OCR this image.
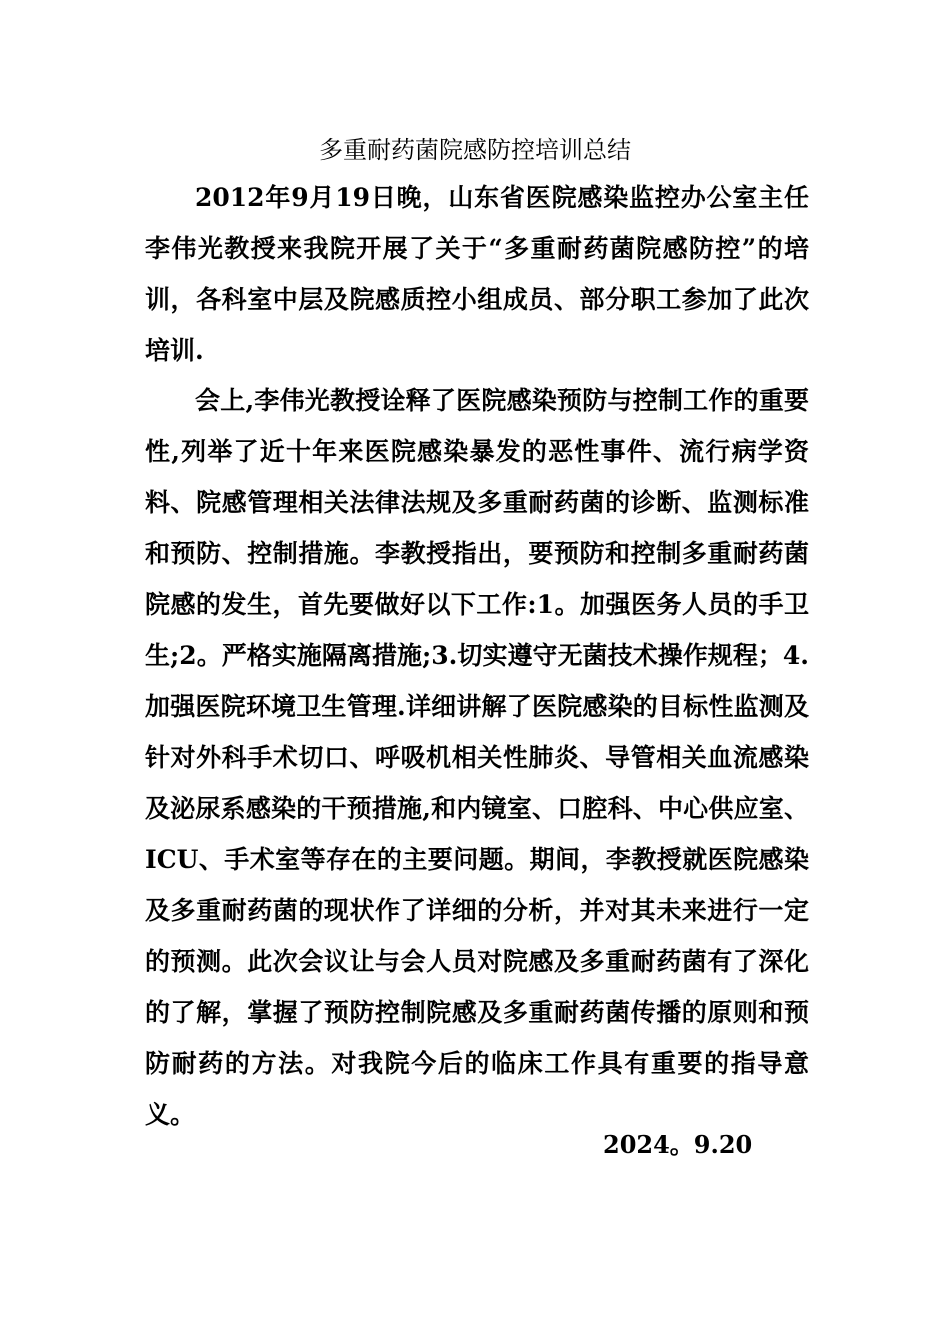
多重耐药菌院感防控培训总结

2012年9月19日晚，山东省医院感染监控办公室主任李伟光教授来我院开展了关于“多重耐药菌院感防控”的培训，各科室中层及院感质控小组成员、部分职工参加了此次培训.

会上,李伟光教授诠释了医院感染预防与控制工作的重要性,列举了近十年来医院感染暴发的恶性事件、流行病学资料、院感管理相关法律法规及多重耐药菌的诊断、监测标准和预防、控制措施。李教授指出，要预防和控制多重耐药菌院感的发生，首先要做好以下工作:1。加强医务人员的手卫生;2。严格实施隔离措施;3.切实遵守无菌技术操作规程；4.加强医院环境卫生管理.详细讲解了医院感染的目标性监测及针对外科手术切口、呼吸机相关性肺炎、导管相关血流感染及泌尿系感染的干预措施,和内镜室、口腔科、中心供应室、ICU、手术室等存在的主要问题。期间，李教授就医院感染及多重耐药菌的现状作了详细的分析，并对其未来进行一定的预测。此次会议让与会人员对院感及多重耐药菌有了深化的了解，掌握了预防控制院感及多重耐药菌传播的原则和预防耐药的方法。对我院今后的临床工作具有重要的指导意义。

2024。9.20
